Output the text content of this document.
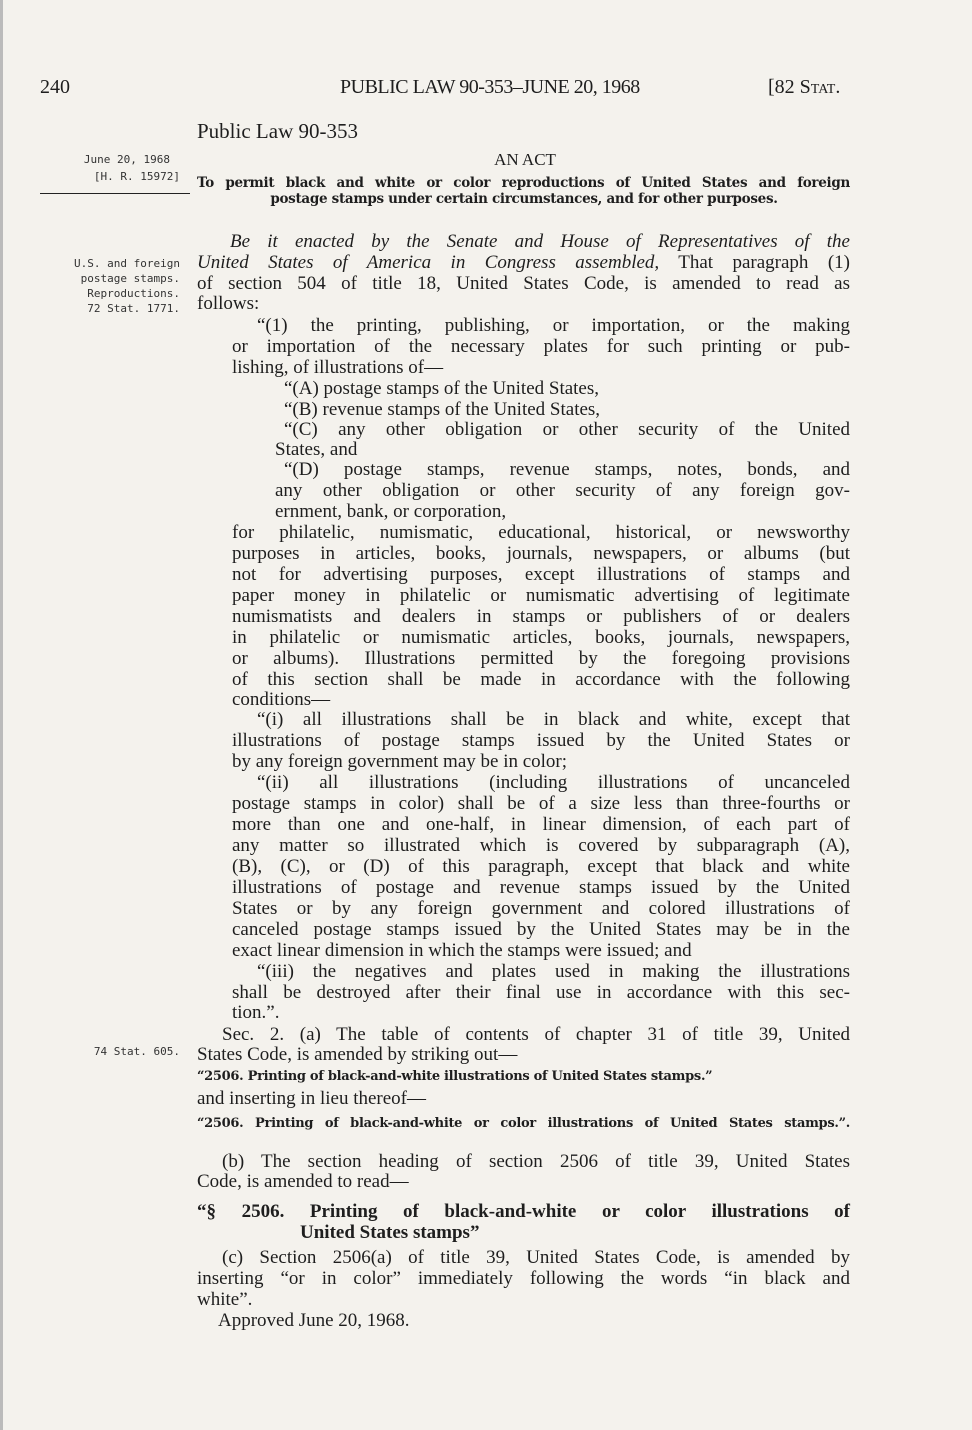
240	PUBLIC LAW 90-353–JUNE 20, 1968	[82 Stat.
Public Law 90-353
AN ACT
To permit black and white or color reproductions of United States and foreign
postage stamps under certain circumstances, and for other purposes.
June 20, 1968
[H. R. 15972]
U.S. and foreign
postage stamps.
Reproductions.
72 Stat. 1771.
74 Stat. 605.
Be it enacted by the Senate and House of Representatives of the
United States of America in Congress assembled, That paragraph (1)
of section 504 of title 18, United States Code, is amended to read as
follows:
“(1) the printing, publishing, or importation, or the making
or importation of the necessary plates for such printing or pub-
lishing, of illustrations of—
“(A) postage stamps of the United States,
“(B) revenue stamps of the United States,
“(C) any other obligation or other security of the United
States, and
“(D) postage stamps, revenue stamps, notes, bonds, and
any other obligation or other security of any foreign gov-
ernment, bank, or corporation,
for philatelic, numismatic, educational, historical, or newsworthy
purposes in articles, books, journals, newspapers, or albums (but
not for advertising purposes, except illustrations of stamps and
paper money in philatelic or numismatic advertising of legitimate
numismatists and dealers in stamps or publishers of or dealers
in philatelic or numismatic articles, books, journals, newspapers,
or albums). Illustrations permitted by the foregoing provisions
of this section shall be made in accordance with the following
conditions—
“(i) all illustrations shall be in black and white, except that
illustrations of postage stamps issued by the United States or
by any foreign government may be in color;
“(ii) all illustrations (including illustrations of uncanceled
postage stamps in color) shall be of a size less than three-fourths or
more than one and one-half, in linear dimension, of each part of
any matter so illustrated which is covered by subparagraph (A),
(B), (C), or (D) of this paragraph, except that black and white
illustrations of postage and revenue stamps issued by the United
States or by any foreign government and colored illustrations of
canceled postage stamps issued by the United States may be in the
exact linear dimension in which the stamps were issued; and
“(iii) the negatives and plates used in making the illustrations
shall be destroyed after their final use in accordance with this sec-
tion.”.
Sec. 2. (a) The table of contents of chapter 31 of title 39, United
States Code, is amended by striking out—
“2506. Printing of black-and-white illustrations of United States stamps.”
and inserting in lieu thereof—
“2506. Printing of black-and-white or color illustrations of United States stamps.”.
(b) The section heading of section 2506 of title 39, United States
Code, is amended to read—
“§ 2506. Printing of black-and-white or color illustrations of
United States stamps”
(c) Section 2506(a) of title 39, United States Code, is amended by
inserting “or in color” immediately following the words “in black and
white”.
Approved June 20, 1968.
